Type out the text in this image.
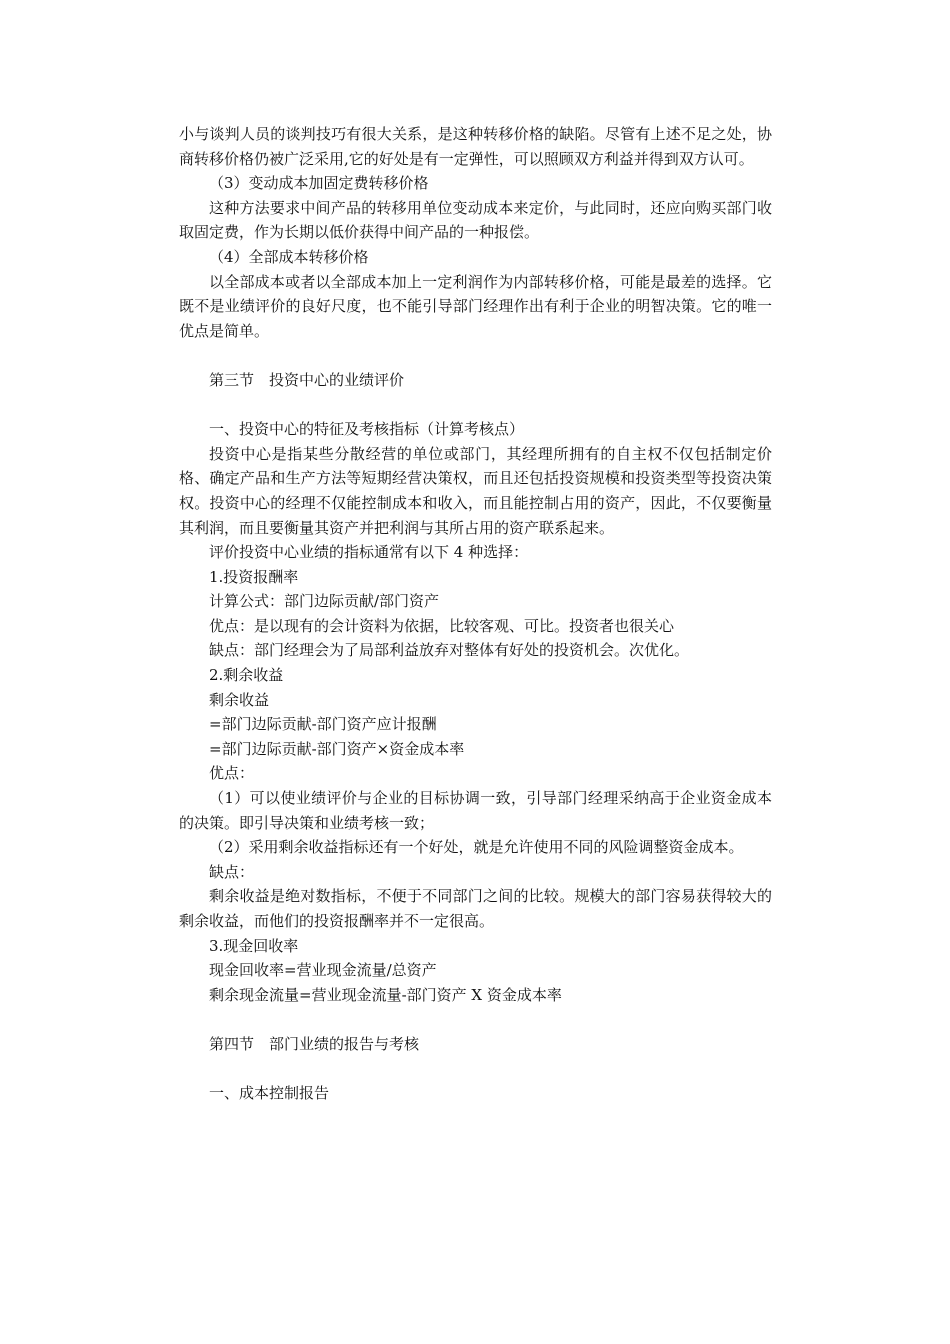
小与谈判人员的谈判技巧有很大关系，是这种转移价格的缺陷。尽管有上述不足之处，协商转移价格仍被广泛采用,它的好处是有一定弹性，可以照顾双方利益并得到双方认可。

（3）变动成本加固定费转移价格

这种方法要求中间产品的转移用单位变动成本来定价，与此同时，还应向购买部门收取固定费，作为长期以低价获得中间产品的一种报偿。

（4）全部成本转移价格

以全部成本或者以全部成本加上一定利润作为内部转移价格，可能是最差的选择。它既不是业绩评价的良好尺度，也不能引导部门经理作出有利于企业的明智决策。它的唯一优点是简单。

第三节　投资中心的业绩评价

一、投资中心的特征及考核指标（计算考核点）

投资中心是指某些分散经营的单位或部门，其经理所拥有的自主权不仅包括制定价格、确定产品和生产方法等短期经营决策权，而且还包括投资规模和投资类型等投资决策权。投资中心的经理不仅能控制成本和收入，而且能控制占用的资产，因此，不仅要衡量其利润，而且要衡量其资产并把利润与其所占用的资产联系起来。

评价投资中心业绩的指标通常有以下 4 种选择：

1.投资报酬率

计算公式：部门边际贡献/部门资产

优点：是以现有的会计资料为依据，比较客观、可比。投资者也很关心

缺点：部门经理会为了局部利益放弃对整体有好处的投资机会。次优化。

2.剩余收益

剩余收益

=部门边际贡献-部门资产应计报酬

=部门边际贡献-部门资产×资金成本率

优点：

（1）可以使业绩评价与企业的目标协调一致，引导部门经理采纳高于企业资金成本的决策。即引导决策和业绩考核一致；

（2）采用剩余收益指标还有一个好处，就是允许使用不同的风险调整资金成本。

缺点：

剩余收益是绝对数指标，不便于不同部门之间的比较。规模大的部门容易获得较大的剩余收益，而他们的投资报酬率并不一定很高。

3.现金回收率

现金回收率=营业现金流量/总资产

剩余现金流量=营业现金流量-部门资产 X 资金成本率

第四节　部门业绩的报告与考核

一、成本控制报告
